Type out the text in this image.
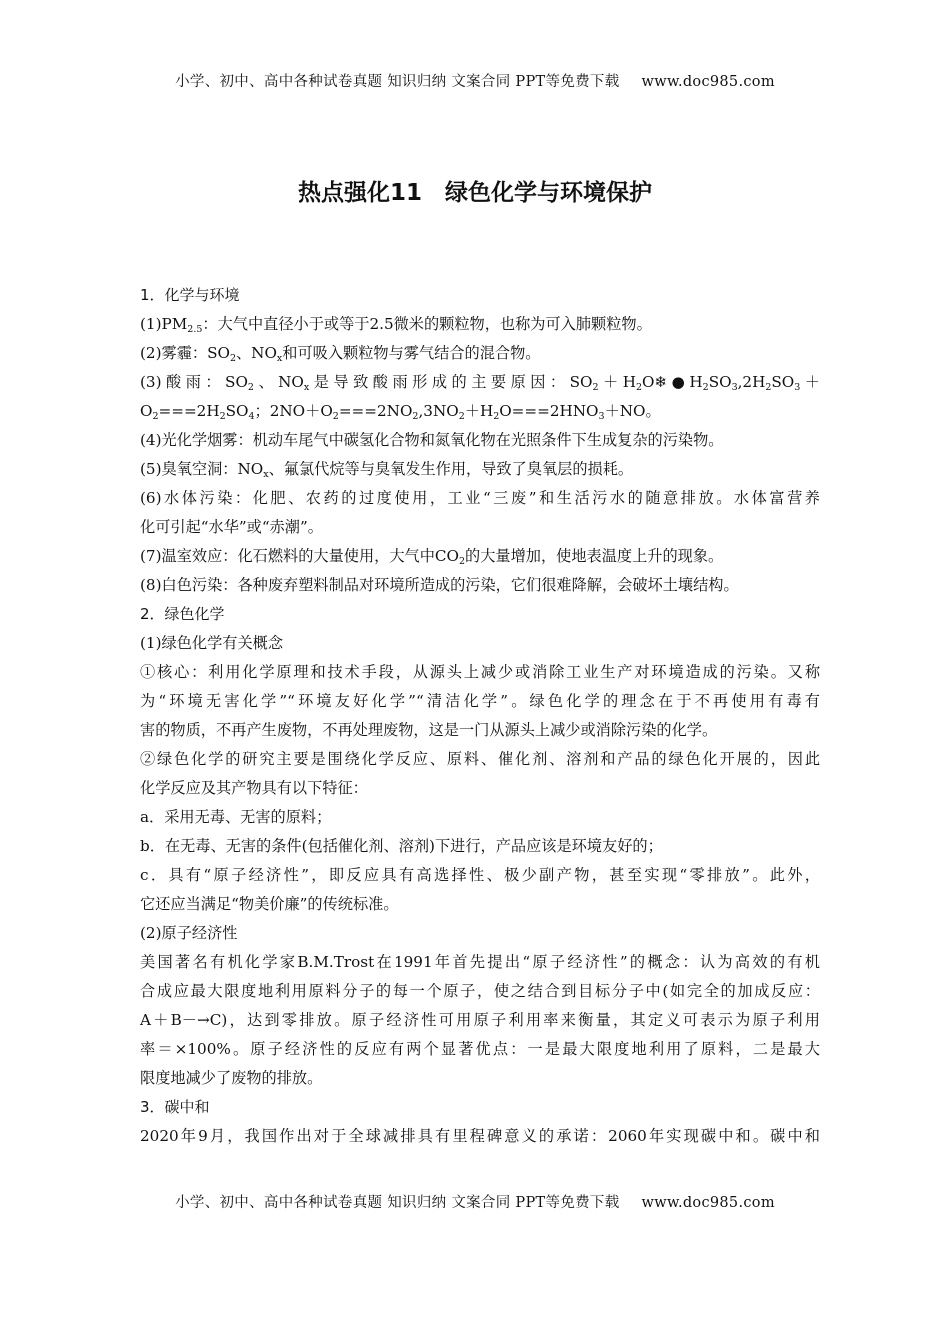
小学、初中、高中各种试卷真题 知识归纳 文案合同 PPT等免费下载 www.doc985.com
热点强化11　绿色化学与环境保护

1．化学与环境

$(1)PM_{2.5}$：大气中直径小于或等于2.5微米的颗粒物，也称为可入肺颗粒物。

(2)雾霾：$SO_2$、$NO_x$和可吸入颗粒物与雾气结合的混合物。

(3)酸雨：$SO_2$、$NO_x$是导致酸雨形成的主要原因：$SO_2+H_2O❄●H_2SO_3,2H_2SO_3+$

$O_2===2H_2SO_4$；$2NO+O_2===2NO_2,3NO_2+H_2O===2HNO_3+NO$。

(4)光化学烟雾：机动车尾气中碳氢化合物和氮氧化物在光照条件下生成复杂的污染物。

(5)臭氧空洞：$NO_x$、氟氯代烷等与臭氧发生作用，导致了臭氧层的损耗。

(6)水体污染：化肥、农药的过度使用，工业“三废”和生活污水的随意排放。水体富营养

化可引起“水华”或“赤潮”。

(7)温室效应：化石燃料的大量使用，大气中$CO_2$的大量增加，使地表温度上升的现象。

(8)白色污染：各种废弃塑料制品对环境所造成的污染，它们很难降解，会破坏土壤结构。

2．绿色化学

(1)绿色化学有关概念

①核心：利用化学原理和技术手段，从源头上减少或消除工业生产对环境造成的污染。又称

为“环境无害化学”“环境友好化学”“清洁化学”。绿色化学的理念在于不再使用有毒有

害的物质，不再产生废物，不再处理废物，这是一门从源头上减少或消除污染的化学。

②绿色化学的研究主要是围绕化学反应、原料、催化剂、溶剂和产品的绿色化开展的，因此

化学反应及其产物具有以下特征：

a．采用无毒、无害的原料；

b．在无毒、无害的条件(包括催化剂、溶剂)下进行，产品应该是环境友好的；

c．具有“原子经济性”，即反应具有高选择性、极少副产物，甚至实现“零排放”。此外，

它还应当满足“物美价廉”的传统标准。

(2)原子经济性

美国著名有机化学家B.M.Trost在1991年首先提出“原子经济性”的概念：认为高效的有机

合成应最大限度地利用原料分子的每一个原子，使之结合到目标分子中(如完全的加成反应：

A＋B－→C)，达到零排放。原子经济性可用原子利用率来衡量，其定义可表示为原子利用

率＝×100%。原子经济性的反应有两个显著优点：一是最大限度地利用了原料，二是最大

限度地减少了废物的排放。

3．碳中和

2020年9月，我国作出对于全球减排具有里程碑意义的承诺：2060年实现碳中和。碳中和

小学、初中、高中各种试卷真题 知识归纳 文案合同 PPT等免费下载 www.doc985.com
